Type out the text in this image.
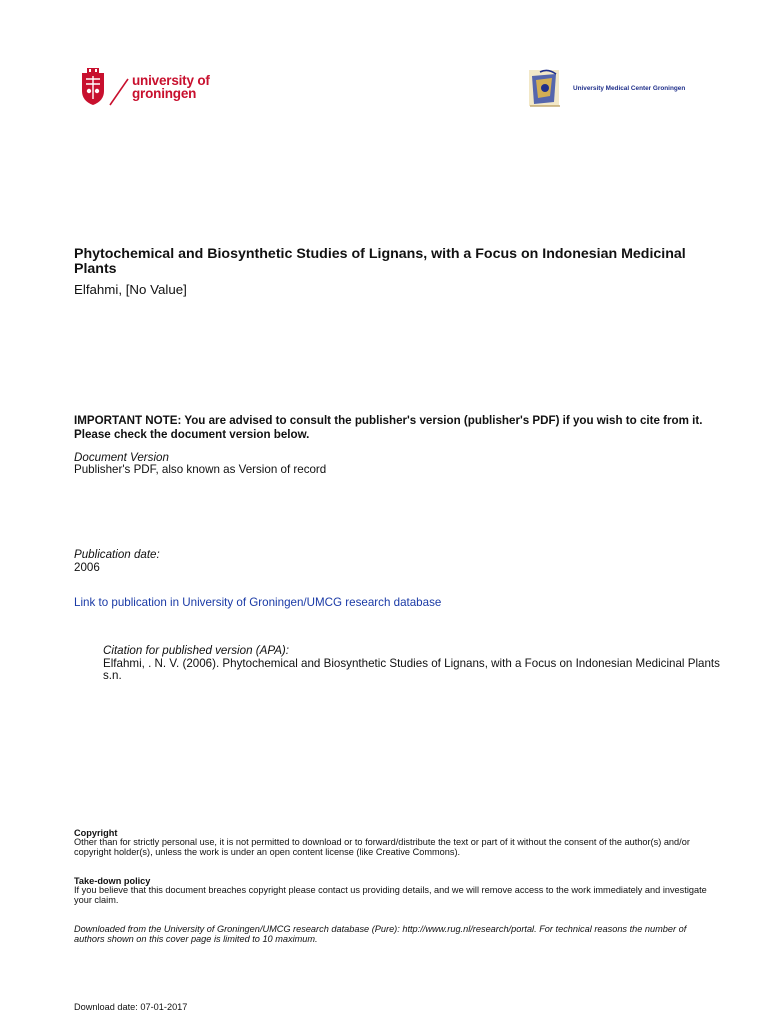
university of
groningen	University Medical Center Groningen
Phytochemical and Biosynthetic Studies of Lignans, with a Focus on Indonesian Medicinal Plants
Elfahmi, [No Value]
IMPORTANT NOTE: You are advised to consult the publisher's version (publisher's PDF) if you wish to cite from it. Please check the document version below.
Document Version
Publisher's PDF, also known as Version of record
Publication date:
2006
Link to publication in University of Groningen/UMCG research database
Citation for published version (APA):
Elfahmi, . N. V. (2006). Phytochemical and Biosynthetic Studies of Lignans, with a Focus on Indonesian Medicinal Plants s.n.
Copyright
Other than for strictly personal use, it is not permitted to download or to forward/distribute the text or part of it without the consent of the author(s) and/or copyright holder(s), unless the work is under an open content license (like Creative Commons).
Take-down policy
If you believe that this document breaches copyright please contact us providing details, and we will remove access to the work immediately and investigate your claim.
Downloaded from the University of Groningen/UMCG research database (Pure): http://www.rug.nl/research/portal. For technical reasons the number of authors shown on this cover page is limited to 10 maximum.
Download date: 07-01-2017
